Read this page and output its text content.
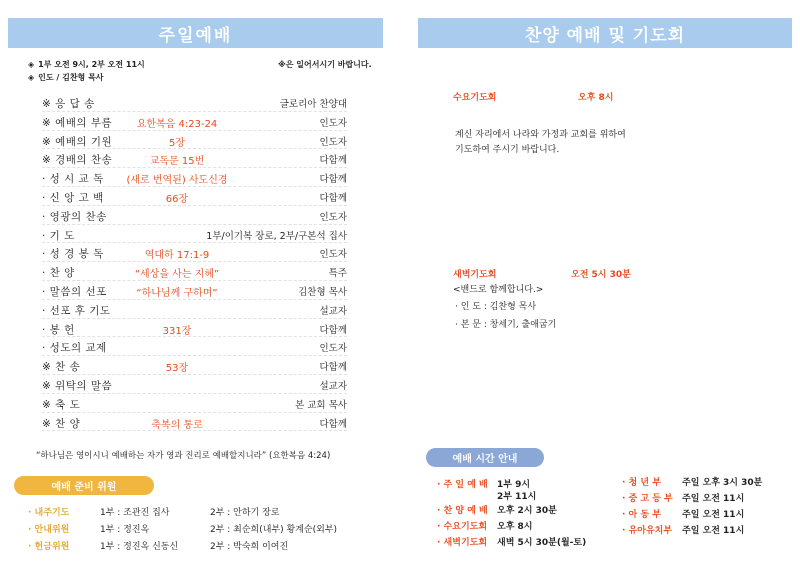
주일예배
◈ 1부 오전 9시, 2부 오전 11시	※은 일어서시기 바랍니다.
◈ 인도 / 김찬형 목사
※ 응 답 송	글로리아 찬양대
※ 예배의 부름	요한복음 4:23-24	인도자
※ 예배의 기원	5장	인도자
※ 경배의 찬송	교독문 15번	다함께
· 성 시 교 독	(새로 번역된) 사도신경	다함께
· 신 앙 고 백	66장	다함께
· 영광의 찬송	인도자
· 기 도	1부/이기복 장로, 2부/구본석 집사
· 성 경 봉 독	역대하 17:1-9	인도자
· 찬 양	“세상을 사는 지혜”	특주
· 말씀의 선포	“하나님께 구하며”	김찬형 목사
· 선포 후 기도	설교자
· 봉 헌	331장	다함께
· 성도의 교제	인도자
※ 찬 송	53장	다함께
※ 위탁의 말씀	설교자
※ 축 도	본 교회 목사
※ 찬 양	축복의 통로	다함께
“하나님은 영이시니 예배하는 자가 영과 진리로 예배할지니라” (요한복음 4:24)
예배 준비 위원
· 내주기도	1부 : 조관진 집사	2부 : 안하기 장로
· 안내위원	1부 : 정진옥	2부 : 최순희(내부) 황계순(외부)
· 헌금위원	1부 : 정진옥 신동신	2부 : 박숙희 이여진
찬양 예배 및 기도회
수요기도회	오후 8시
계신 자리에서 나라와 가정과 교회를 위하여
기도하여 주시기 바랍니다.
새벽기도회	오전 5시 30분
<밴드로 함께합니다.>
· 인 도 : 김찬형 목사
· 본 문 : 창세기, 출애굽기
예배 시간 안내
· 주 일 예 배 1부 9시
2부 11시
· 찬 양 예 배 오후 2시 30분
· 수요기도회 오후 8시
· 새벽기도회 새벽 5시 30분(월-토)
· 청 년 부 주일 오후 3시 30분
· 중 고 등 부 주일 오전 11시
· 아 동 부 주일 오전 11시
· 유아유치부 주일 오전 11시
